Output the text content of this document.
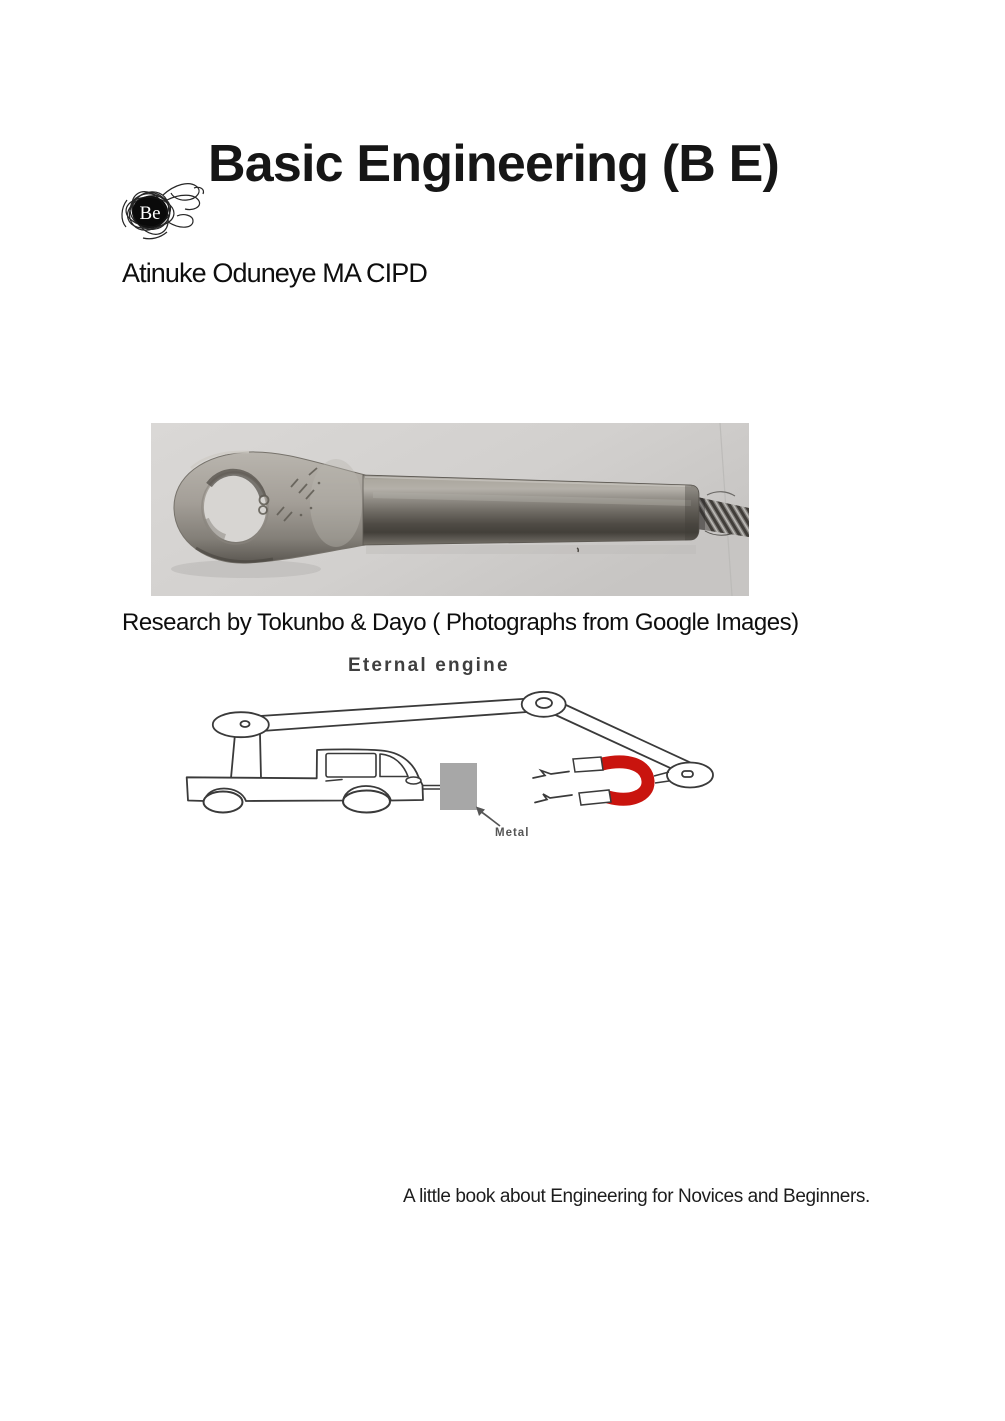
Be
Basic Engineering (B E)
Atinuke Oduneye MA CIPD
Research by Tokunbo & Dayo ( Photographs from Google Images)
Eternal engine
Metal
A little book about Engineering for Novices and Beginners.
